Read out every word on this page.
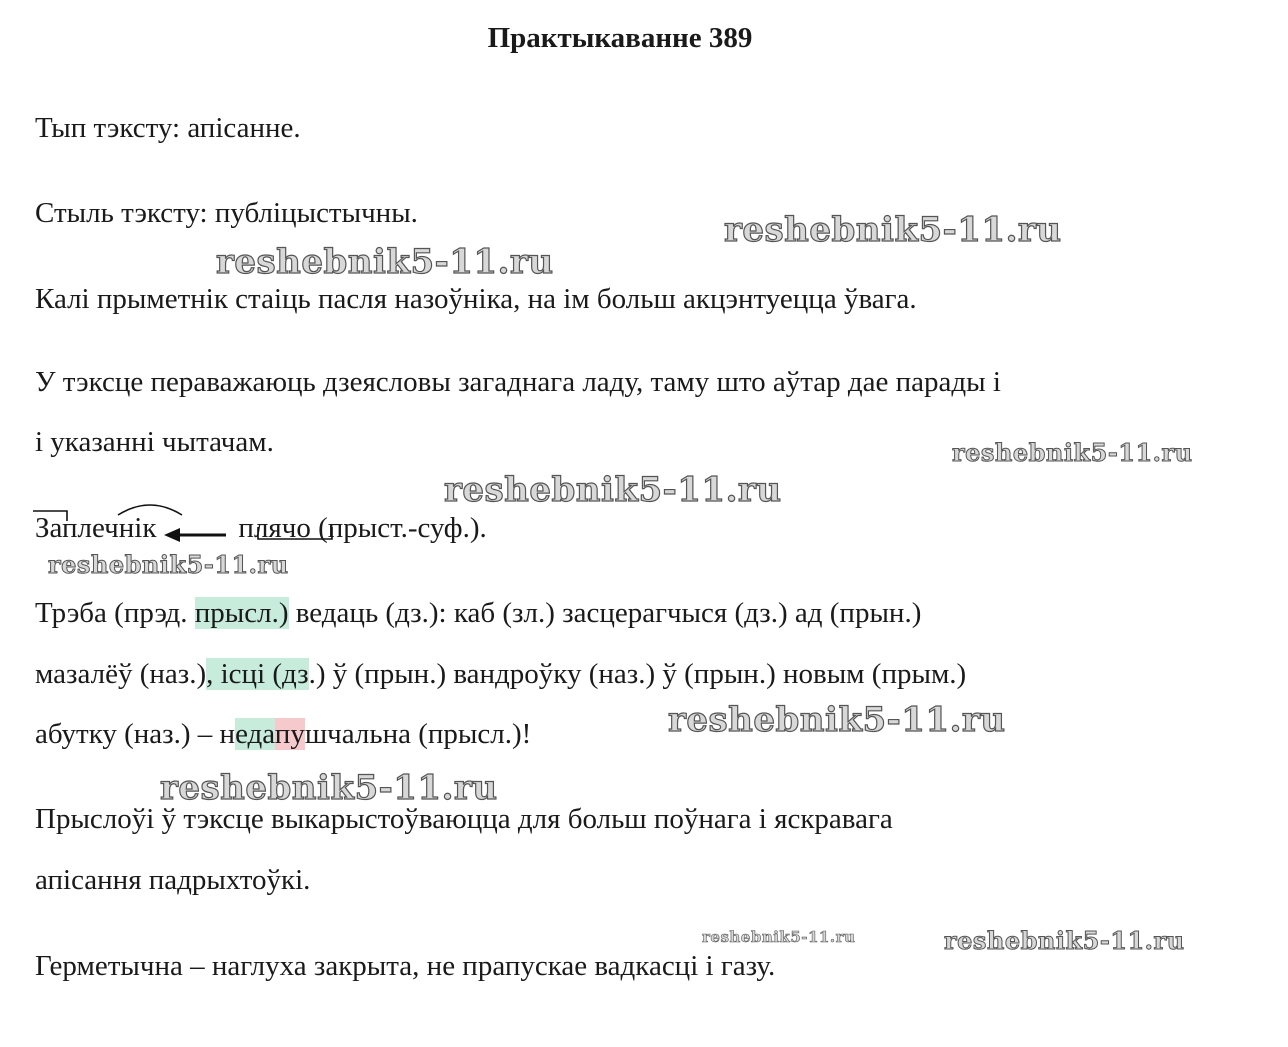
Практыкаванне 389
Тып тэксту: апісанне.
Стыль тэксту: публіцыстычны.
Калі прыметнік стаіць пасля назоўніка, на ім больш акцэнтуецца ўвага.
У тэксце пераважаюць дзеясловы загаднага ладу, таму што аўтар дае парады і
і указанні чытачам.
Заплечнік	плячо (прыст.-суф.).
Трэба (прэд. прысл.) ведаць (дз.): каб (зл.) засцерагчыся (дз.) ад (прын.)
мазалёў (наз.), ісці (дз.) ў (прын.) вандроўку (наз.) ў (прын.) новым (прым.)
абутку (наз.) – недапушчальна (прысл.)!
Прыслоўі ў тэксце выкарыстоўваюцца для больш поўнага і яскравага
апісання падрыхтоўкі.
Герметычна – наглуха закрыта, не прапускае вадкасці і газу.
reshebnik5-11.ru
reshebnik5-11.ru
reshebnik5-11.ru
reshebnik5-11.ru
reshebnik5-11.ru
reshebnik5-11.ru
reshebnik5-11.ru
reshebnik5-11.ru	reshebnik5-11.ru
